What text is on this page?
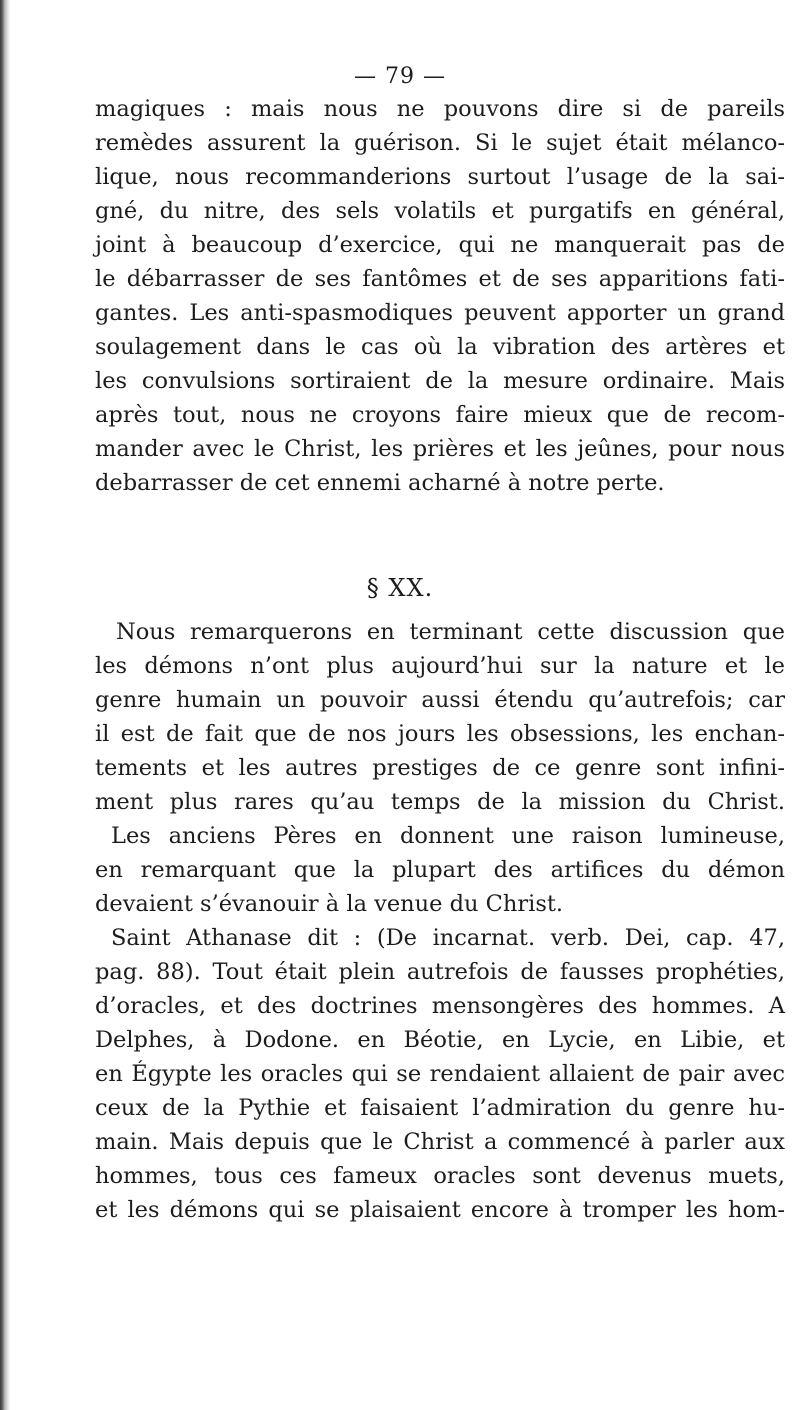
— 79 —
magiques : mais nous ne pouvons dire si de pareils
remèdes assurent la guérison. Si le sujet était mélanco-
lique, nous recommanderions surtout l’usage de la sai-
gné, du nitre, des sels volatils et purgatifs en général,
joint à beaucoup d’exercice, qui ne manquerait pas de
le débarrasser de ses fantômes et de ses apparitions fati-
gantes. Les anti-spasmodiques peuvent apporter un grand
soulagement dans le cas où la vibration des artères et
les convulsions sortiraient de la mesure ordinaire. Mais
après tout, nous ne croyons faire mieux que de recom-
mander avec le Christ, les prières et les jeûnes, pour nous
debarrasser de cet ennemi acharné à notre perte.
§ XX.
Nous remarquerons en terminant cette discussion que
les démons n’ont plus aujourd’hui sur la nature et le
genre humain un pouvoir aussi étendu qu’autrefois; car
il est de fait que de nos jours les obsessions, les enchan-
tements et les autres prestiges de ce genre sont infini-
ment plus rares qu’au temps de la mission du Christ.
Les anciens Pères en donnent une raison lumineuse,
en remarquant que la plupart des artifices du démon
devaient s’évanouir à la venue du Christ.
Saint Athanase dit : (De incarnat. verb. Dei, cap. 47,
pag. 88). Tout était plein autrefois de fausses prophéties,
d’oracles, et des doctrines mensongères des hommes. A
Delphes, à Dodone. en Béotie, en Lycie, en Libie, et
en Égypte les oracles qui se rendaient allaient de pair avec
ceux de la Pythie et faisaient l’admiration du genre hu-
main. Mais depuis que le Christ a commencé à parler aux
hommes, tous ces fameux oracles sont devenus muets,
et les démons qui se plaisaient encore à tromper les hom-
